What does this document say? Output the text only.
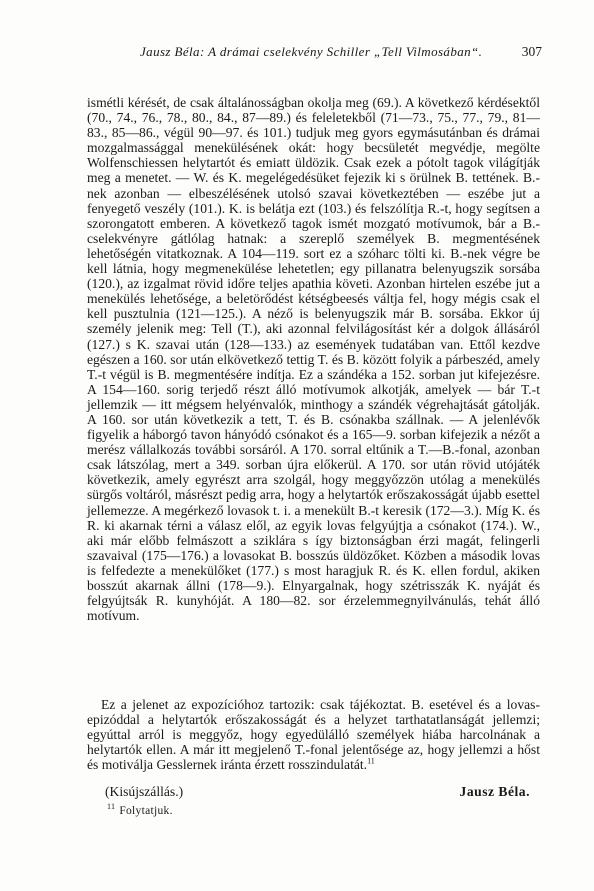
Jausz Béla: A drámai cselekvény Schiller „Tell Vilmosában“.	307

ismétli kérését, de csak általánosságban okolja meg (69.). A következő kérdésektől (70., 74., 76., 78., 80., 84., 87—89.) és feleletekből (71—73., 75., 77., 79., 81—83., 85—86., végül 90—97. és 101.) tudjuk meg gyors egymásutánban és drámai mozgalmassággal menekülésének okát: hogy becsületét megvédje, megölte Wolfenschiessen helytartót és emiatt üldözik. Csak ezek a pótolt tagok világítják meg a menetet. — W. és K. megelégedésüket fejezik ki s örülnek B. tettének. B.-nek azonban — elbeszélésének utolsó szavai következtében — eszébe jut a fenyegető veszély (101.). K. is belátja ezt (103.) és felszólítja R.-t, hogy segítsen a szorongatott emberen. A következő tagok ismét mozgató motívumok, bár a B.-cselekvényre gátlólag hatnak: a szereplő személyek B. megmentésének lehetőségén vitatkoznak. A 104—119. sort ez a szóharc tölti ki. B.-nek végre be kell látnia, hogy megmenekülése lehetetlen; egy pillanatra belenyugszik sorsába (120.), az izgalmat rövid időre teljes apathia követi. Azonban hirtelen eszébe jut a menekülés lehetősége, a beletörődést kétségbeesés váltja fel, hogy mégis csak el kell pusztulnia (121—125.). A néző is belenyugszik már B. sorsába. Ekkor új személy jelenik meg: Tell (T.), aki azonnal felvilágosítást kér a dolgok állásáról (127.) s K. szavai után (128—133.) az események tudatában van. Ettől kezdve egészen a 160. sor után elkövetkező tettig T. és B. között folyik a párbeszéd, amely T.-t végül is B. megmentésére indítja. Ez a szándéka a 152. sorban jut kifejezésre. A 154—160. sorig terjedő részt álló motívumok alkotják, amelyek — bár T.-t jellemzik — itt mégsem helyénvalók, minthogy a szándék végrehajtását gátolják. A 160. sor után következik a tett, T. és B. csónakba szállnak. — A jelenlévők figyelik a háborgó tavon hányódó csónakot és a 165—9. sorban kifejezik a nézőt a merész vállalkozás további sorsáról. A 170. sorral eltűnik a T.—B.-fonal, azonban csak látszólag, mert a 349. sorban újra előkerül. A 170. sor után rövid utójáték következik, amely egyrészt arra szolgál, hogy meggyőzzön utólag a menekülés sürgős voltáról, másrészt pedig arra, hogy a helytartók erőszakosságát újabb esettel jellemezze. A megérkező lovasok t. i. a menekült B.-t keresik (172—3.). Míg K. és R. ki akarnak térni a válasz elől, az egyik lovas felgyújtja a csónakot (174.). W., aki már előbb felmászott a sziklára s így biztonságban érzi magát, felingerli szavaival (175—176.) a lovasokat B. bosszús üldözőket. Közben a második lovas is felfedezte a menekülőket (177.) s most haragjuk R. és K. ellen fordul, akiken bosszút akarnak állni (178—9.). Elnyargalnak, hogy szétrisszák K. nyáját és felgyújtsák R. kunyhóját. A 180—82. sor érzelemmegnyilvánulás, tehát álló motívum.

Ez a jelenet az expozícióhoz tartozik: csak tájékoztat. B. esetével és a lovas-epizóddal a helytartók erőszakosságát és a helyzet tarthatatlanságát jellemzi; egyúttal arról is meggyőz, hogy egyedülálló személyek hiába harcolnának a helytartók ellen. A már itt megjelenő T.-fonal jelentősége az, hogy jellemzi a hőst és motiválja Gesslernek iránta érzett rosszindulatát.$^{11}$

(Kisújszállás.)	Jausz Béla.
$^{11}$ Folytatjuk.
